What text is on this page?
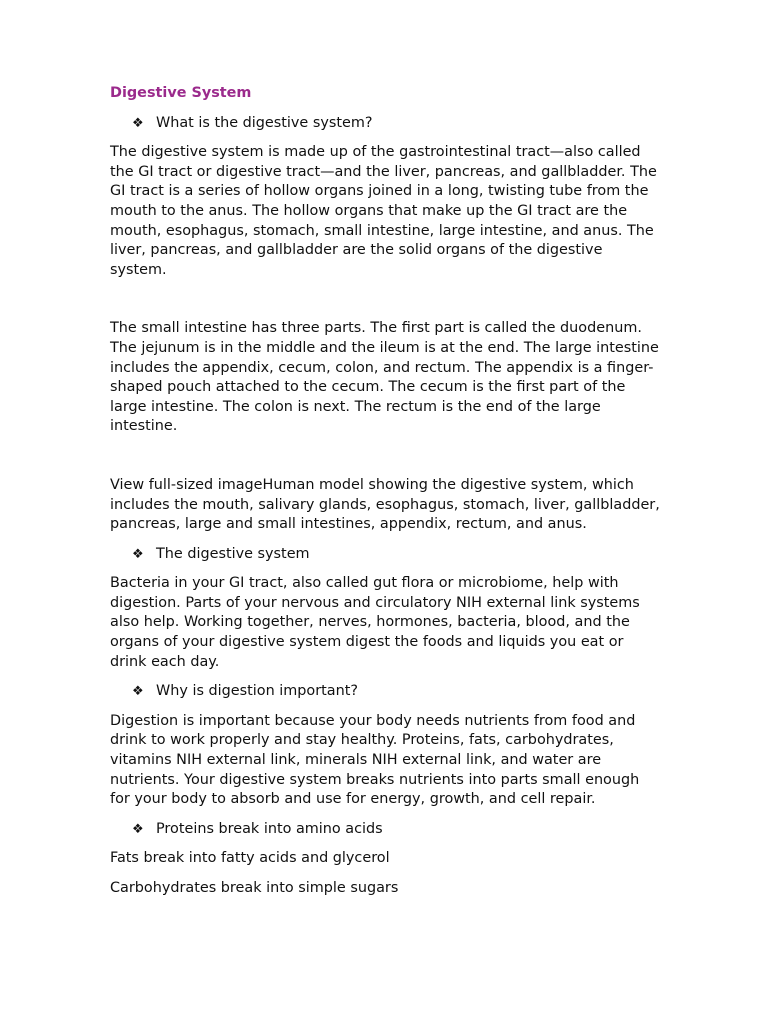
Digestive System
❖ What is the digestive system?
The digestive system is made up of the gastrointestinal tract—also called the GI tract or digestive tract—and the liver, pancreas, and gallbladder. The GI tract is a series of hollow organs joined in a long, twisting tube from the mouth to the anus. The hollow organs that make up the GI tract are the mouth, esophagus, stomach, small intestine, large intestine, and anus. The liver, pancreas, and gallbladder are the solid organs of the digestive system.
The small intestine has three parts. The first part is called the duodenum. The jejunum is in the middle and the ileum is at the end. The large intestine includes the appendix, cecum, colon, and rectum. The appendix is a finger-shaped pouch attached to the cecum. The cecum is the first part of the large intestine. The colon is next. The rectum is the end of the large intestine.
View full-sized imageHuman model showing the digestive system, which includes the mouth, salivary glands, esophagus, stomach, liver, gallbladder, pancreas, large and small intestines, appendix, rectum, and anus.
❖ The digestive system
Bacteria in your GI tract, also called gut flora or microbiome, help with digestion. Parts of your nervous and circulatory NIH external link systems also help. Working together, nerves, hormones, bacteria, blood, and the organs of your digestive system digest the foods and liquids you eat or drink each day.
❖ Why is digestion important?
Digestion is important because your body needs nutrients from food and drink to work properly and stay healthy. Proteins, fats, carbohydrates, vitamins NIH external link, minerals NIH external link, and water are nutrients. Your digestive system breaks nutrients into parts small enough for your body to absorb and use for energy, growth, and cell repair.
❖ Proteins break into amino acids
Fats break into fatty acids and glycerol
Carbohydrates break into simple sugars
